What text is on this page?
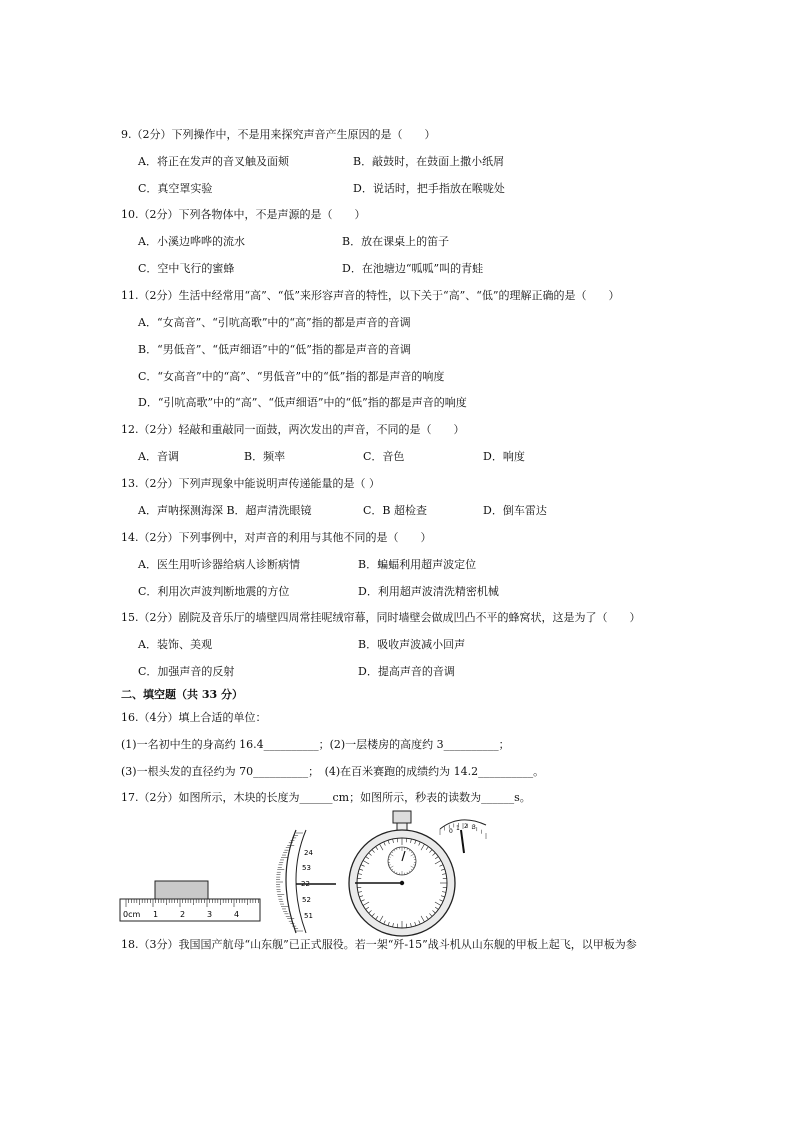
9.（2分）下列操作中，不是用来探究声音产生原因的是（　　）
A．将正在发声的音叉触及面颊	B．敲鼓时，在鼓面上撒小纸屑
C．真空罩实验	D．说话时，把手指放在喉咙处
10.（2分）下列各物体中，不是声源的是（　　）
A．小溪边哗哗的流水	B．放在课桌上的笛子
C．空中飞行的蜜蜂	D．在池塘边“呱呱”叫的青蛙
11.（2分）生活中经常用“高”、“低”来形容声音的特性，以下关于“高”、“低”的理解正确的是（　　）
A．“女高音”、“引吭高歌”中的“高”指的都是声音的音调
B．“男低音”、“低声细语”中的“低”指的都是声音的音调
C．“女高音”中的“高”、“男低音”中的“低”指的都是声音的响度
D．“引吭高歌”中的“高”、“低声细语”中的“低”指的都是声音的响度
12.（2分）轻敲和重敲同一面鼓，两次发出的声音，不同的是（　　）
A．音调	B．频率	C．音色	D．响度
13.（2分）下列声现象中能说明声传递能量的是（ ）
A．声呐探测海深 B．超声清洗眼镜	C．B 超检查	D．倒车雷达
14.（2分）下列事例中，对声音的利用与其他不同的是（　　）
A．医生用听诊器给病人诊断病情	B．蝙蝠利用超声波定位
C．利用次声波判断地震的方位	D．利用超声波清洗精密机械
15.（2分）剧院及音乐厅的墙壁四周常挂呢绒帘幕，同时墙壁会做成凹凸不平的蜂窝状，这是为了（　　）
A．装饰、美观	B．吸收声波减小回声
C．加强声音的反射	D．提高声音的音调
二、填空题（共 33 分）
16.（4分）填上合适的单位：
(1)一名初中生的身高约 16.4__________；(2)一层楼房的高度约 3__________；
(3)一根头发的直径约为 70__________；　(4)在百米赛跑的成绩约为 14.2__________。
17.（2分）如图所示，木块的长度为______cm；如图所示，秒表的读数为______s。
0cm 1	2	3	4
24
53
22
52
51
0 1 2 3
18.（3分）我国国产航母“山东舰”已正式服役。若一架“歼-15”战斗机从山东舰的甲板上起飞，以甲板为参
